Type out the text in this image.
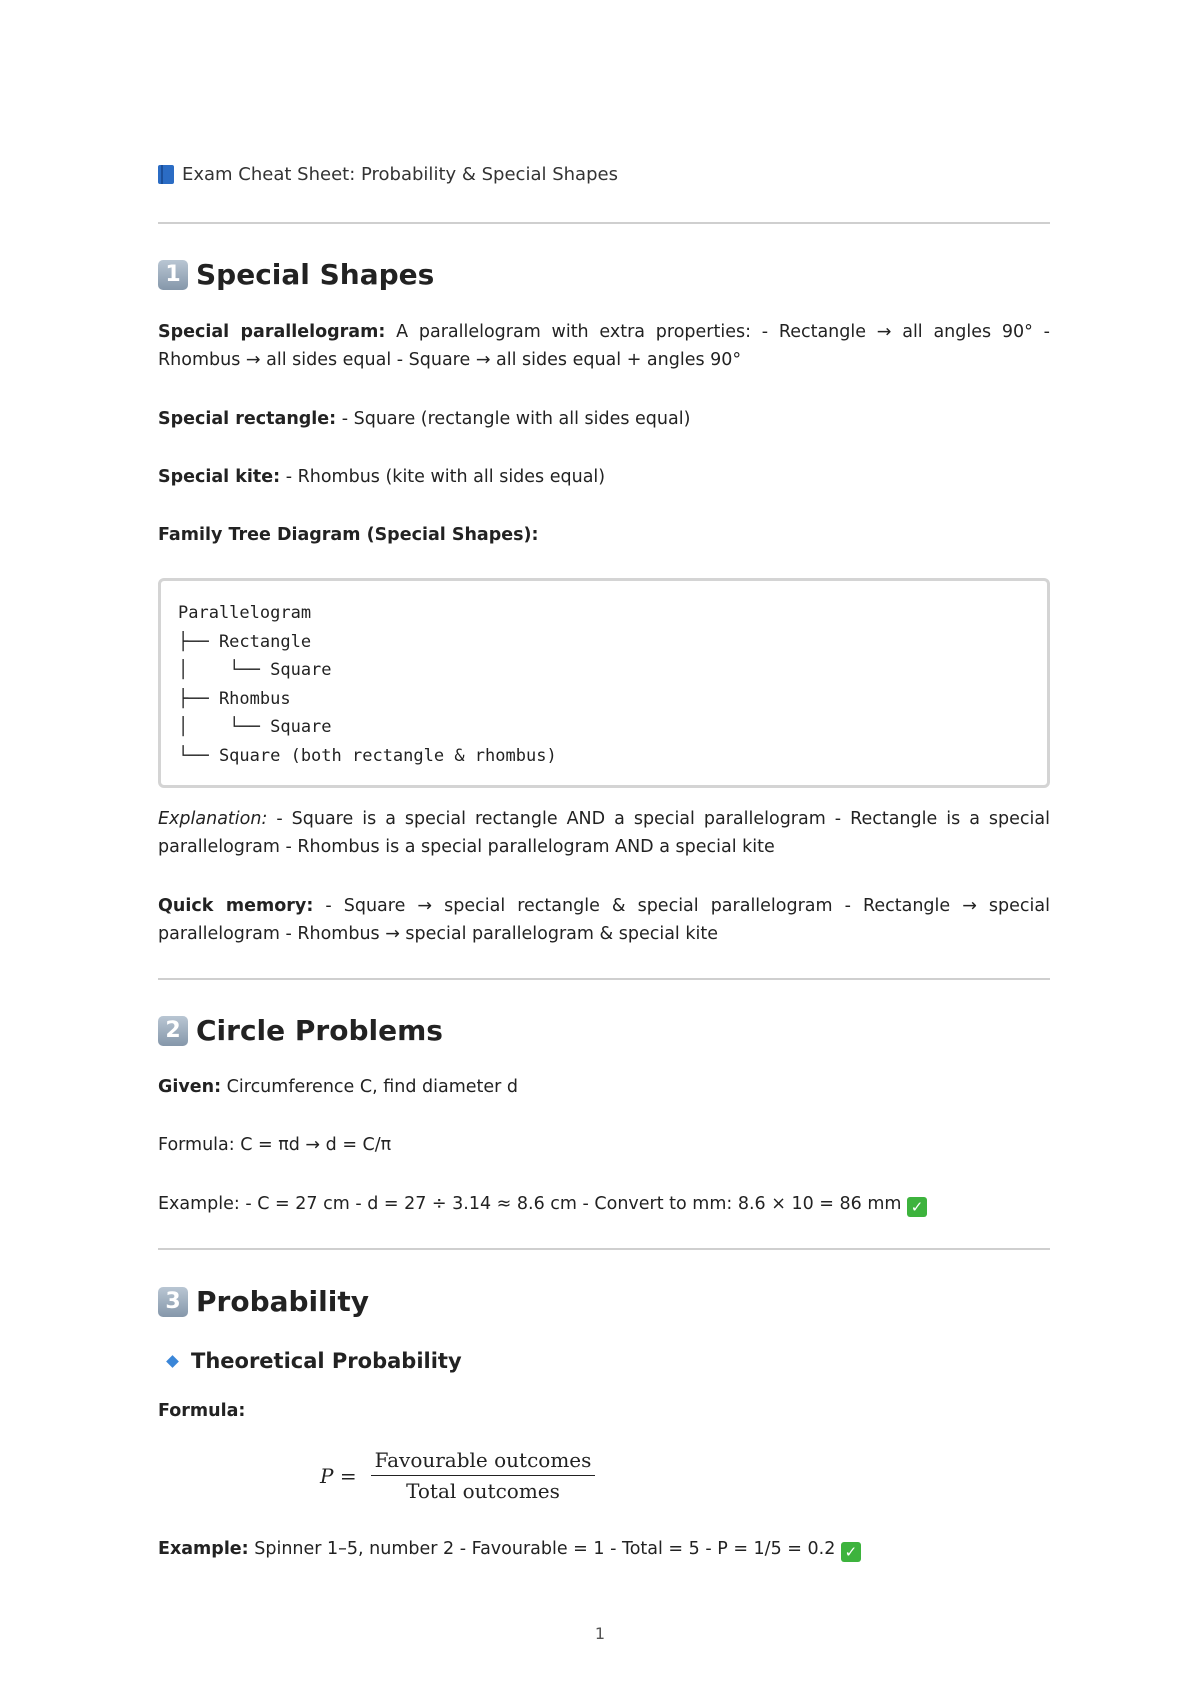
Exam Cheat Sheet: Probability & Special Shapes
1 Special Shapes
Special parallelogram: A parallelogram with extra properties: - Rectangle → all angles 90° - Rhombus → all sides equal - Square → all sides equal + angles 90°
Special rectangle: - Square (rectangle with all sides equal)
Special kite: - Rhombus (kite with all sides equal)
Family Tree Diagram (Special Shapes):
Parallelogram
├── Rectangle
│    └── Square
├── Rhombus
│    └── Square
└── Square (both rectangle & rhombus)
Explanation: - Square is a special rectangle AND a special parallelogram - Rectangle is a special parallelogram - Rhombus is a special parallelogram AND a special kite
Quick memory: - Square → special rectangle & special parallelogram - Rectangle → special parallelogram - Rhombus → special parallelogram & special kite
2 Circle Problems
Given: Circumference C, find diameter d
Formula: C = πd → d = C/π
Example: - C = 27 cm - d = 27 ÷ 3.14 ≈ 8.6 cm - Convert to mm: 8.6 × 10 = 86 mm ✓
3 Probability
Theoretical Probability
Formula:
Example: Spinner 1–5, number 2 - Favourable = 1 - Total = 5 - P = 1/5 = 0.2 ✓
$P = \frac{\text{Favourable outcomes}}{\text{Total outcomes}}$
1
